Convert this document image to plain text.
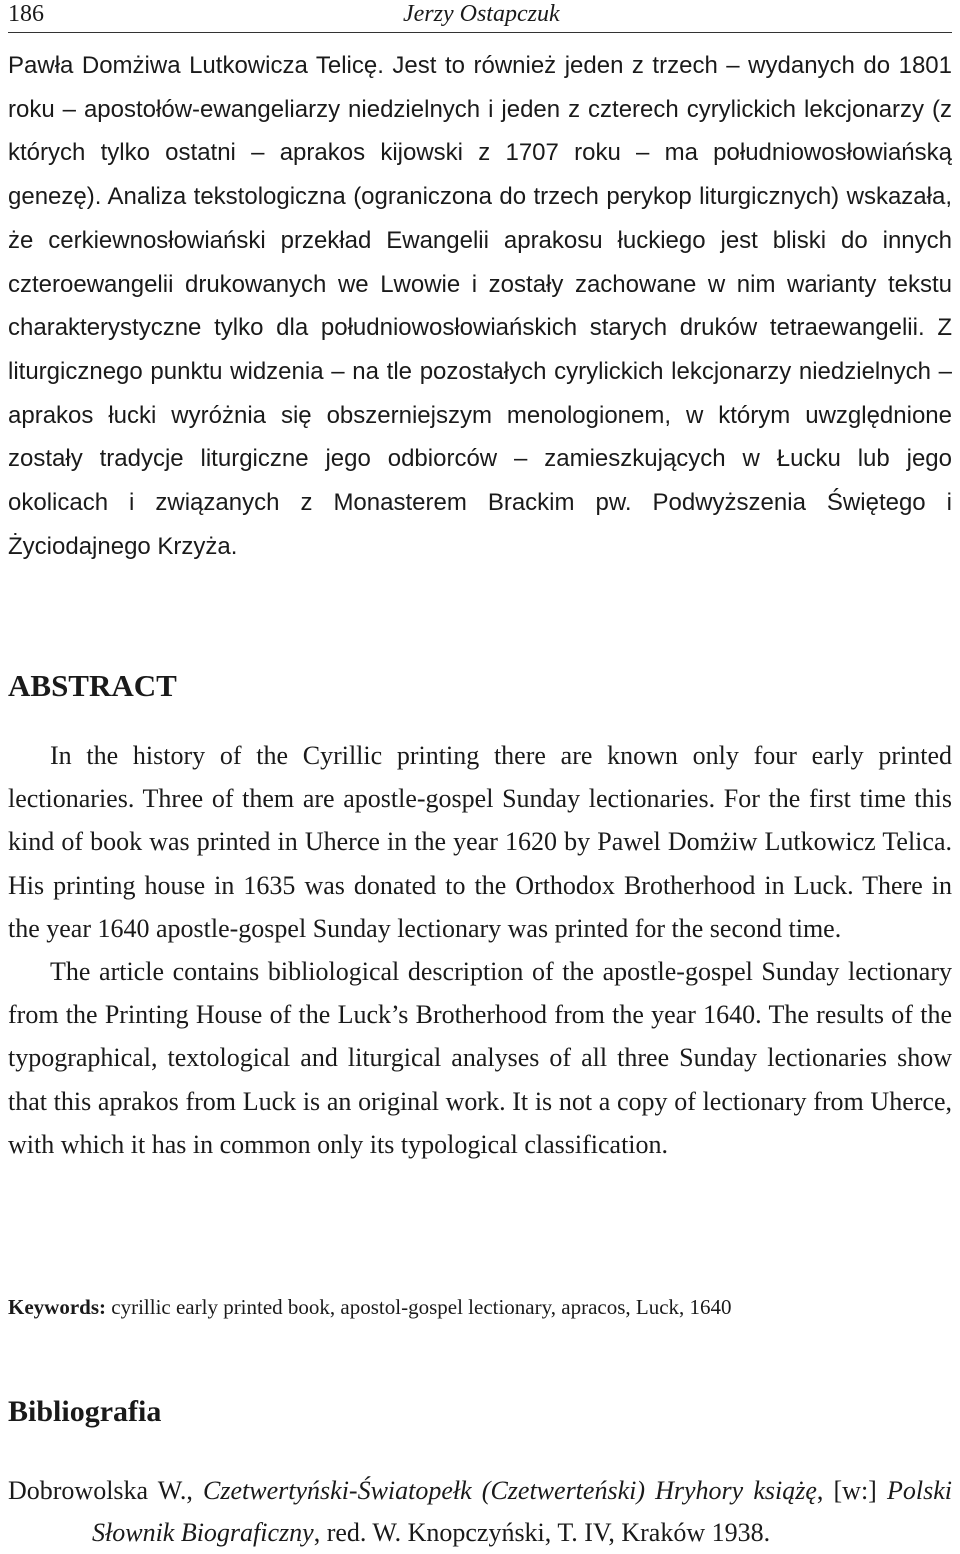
186	Jerzy Ostapczuk
Pawła Domżiwa Lutkowicza Telicę. Jest to również jeden z trzech – wydanych do 1801 roku – apostołów-ewangeliarzy niedzielnych i jeden z czterech cyrylickich lekcjonarzy (z których tylko ostatni – aprakos kijowski z 1707 roku – ma południowosłowiańską genezę). Analiza tekstologiczna (ograniczona do trzech perykop liturgicznych) wskazała, że cerkiewnosłowiański przekład Ewangelii aprakosu łuckiego jest bliski do innych czteroewangelii drukowanych we Lwowie i zostały zachowane w nim warianty tekstu charakterystyczne tylko dla południowosłowiańskich starych druków tetraewangelii. Z liturgicznego punktu widzenia – na tle pozostałych cyrylickich lekcjonarzy niedzielnych – aprakos łucki wyróżnia się obszerniejszym menologionem, w którym uwzględnione zostały tradycje liturgiczne jego odbiorców – zamieszkujących w Łucku lub jego okolicach i związanych z Monasterem Brackim pw. Podwyższenia Świętego i Życiodajnego Krzyża.
ABSTRACT

In the history of the Cyrillic printing there are known only four early printed lectionaries. Three of them are apostle-gospel Sunday lectionaries. For the first time this kind of book was printed in Uherce in the year 1620 by Pawel Domżiw Lutkowicz Telica. His printing house in 1635 was donated to the Orthodox Brotherhood in Luck. There in the year 1640 apostle-gospel Sunday lectionary was printed for the second time.

The article contains bibliological description of the apostle-gospel Sunday lectionary from the Printing House of the Luck’s Brotherhood from the year 1640. The results of the typographical, textological and liturgical analyses of all three Sunday lectionaries show that this aprakos from Luck is an original work. It is not a copy of lectionary from Uherce, with which it has in common only its typological classification.

Keywords: cyrillic early printed book, apostol-gospel lectionary, apracos, Luck, 1640
Bibliografia
Dobrowolska W., Czetwertyński-Światopełk (Czetwerteński) Hryhory książę, [w:] Polski Słownik Biograficzny, red. W. Knopczyński, T. IV, Kraków 1938.
